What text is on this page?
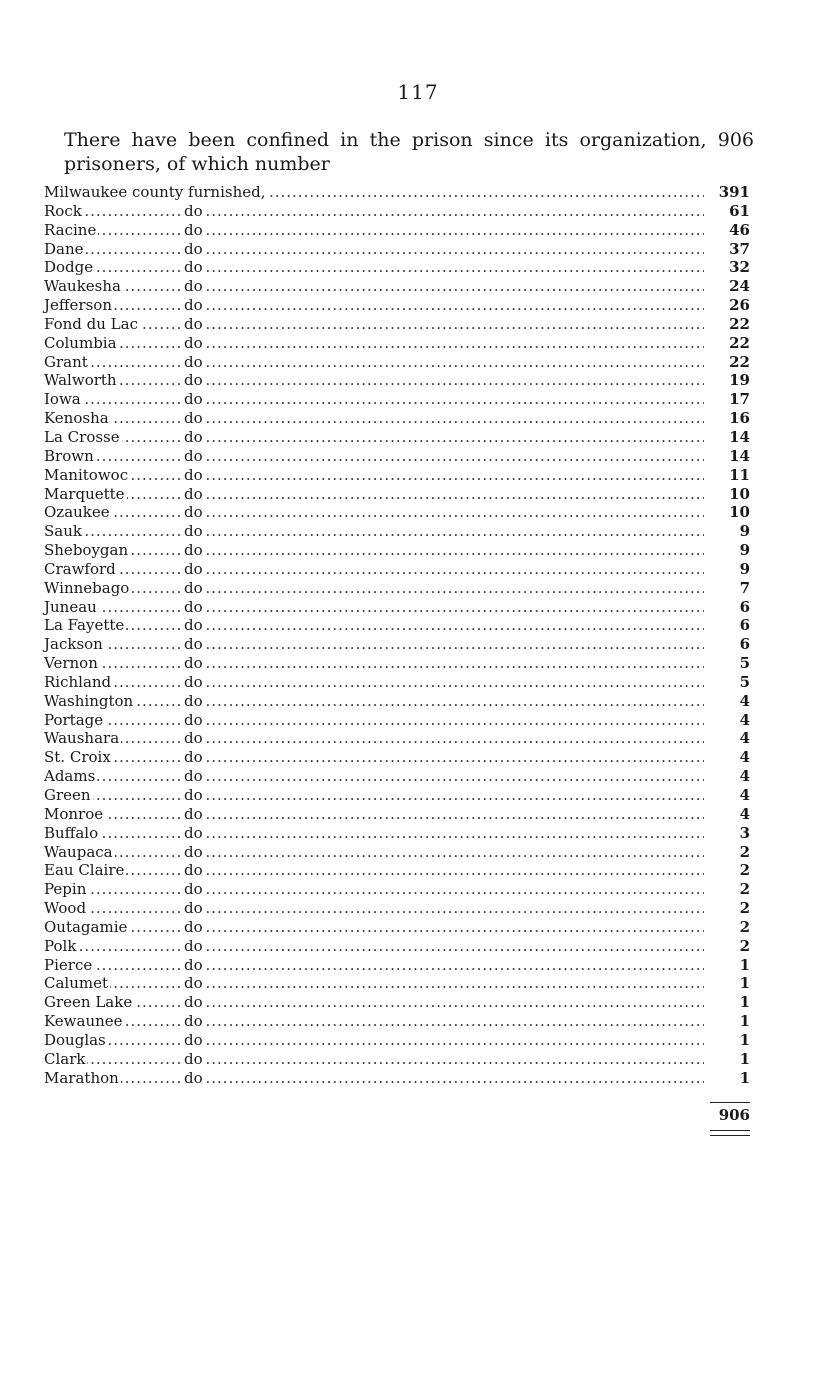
117
There have been confined in the prison since its organization, 906 prisoners, of which number
.....
Milwaukee county furnished,	391
.....
Rock	do	61
.....
Racine	do	46
.....
Dane	do	37
.....
Dodge	do	32
.....
Waukesha	do	24
.....
Jefferson	do	26
.....
Fond du Lac	do	22
.....
Columbia	do	22
.....
Grant	do	22
.....
Walworth	do	19
.....
Iowa	do	17
.....
Kenosha	do	16
.....
La Crosse	do	14
.....
Brown	do	14
.....
Manitowoc	do	11
.....
Marquette	do	10
.....
Ozaukee	do	10
.....
Sauk	do	9
.....
Sheboygan	do	9
.....
Crawford	do	9
.....
Winnebago	do	7
.....
Juneau	do	6
.....
La Fayette	do	6
.....
Jackson	do	6
.....
Vernon	do	5
.....
Richland	do	5
.....
Washington	do	4
.....
Portage	do	4
.....
Waushara	do	4
.....
St. Croix	do	4
.....
Adams	do	4
.....
Green	do	4
.....
Monroe	do	4
.....
Buffalo	do	3
.....
Waupaca	do	2
.....
Eau Claire	do	2
.....
Pepin	do	2
.....
Wood	do	2
.....
Outagamie	do	2
.....
Polk	do	2
.....
Pierce	do	1
.....
Calumet	do	1
.....
Green Lake	do	1
.....
Kewaunee	do	1
.....
Douglas	do	1
.....
Clark	do	1
.....
Marathon	do	1
906
